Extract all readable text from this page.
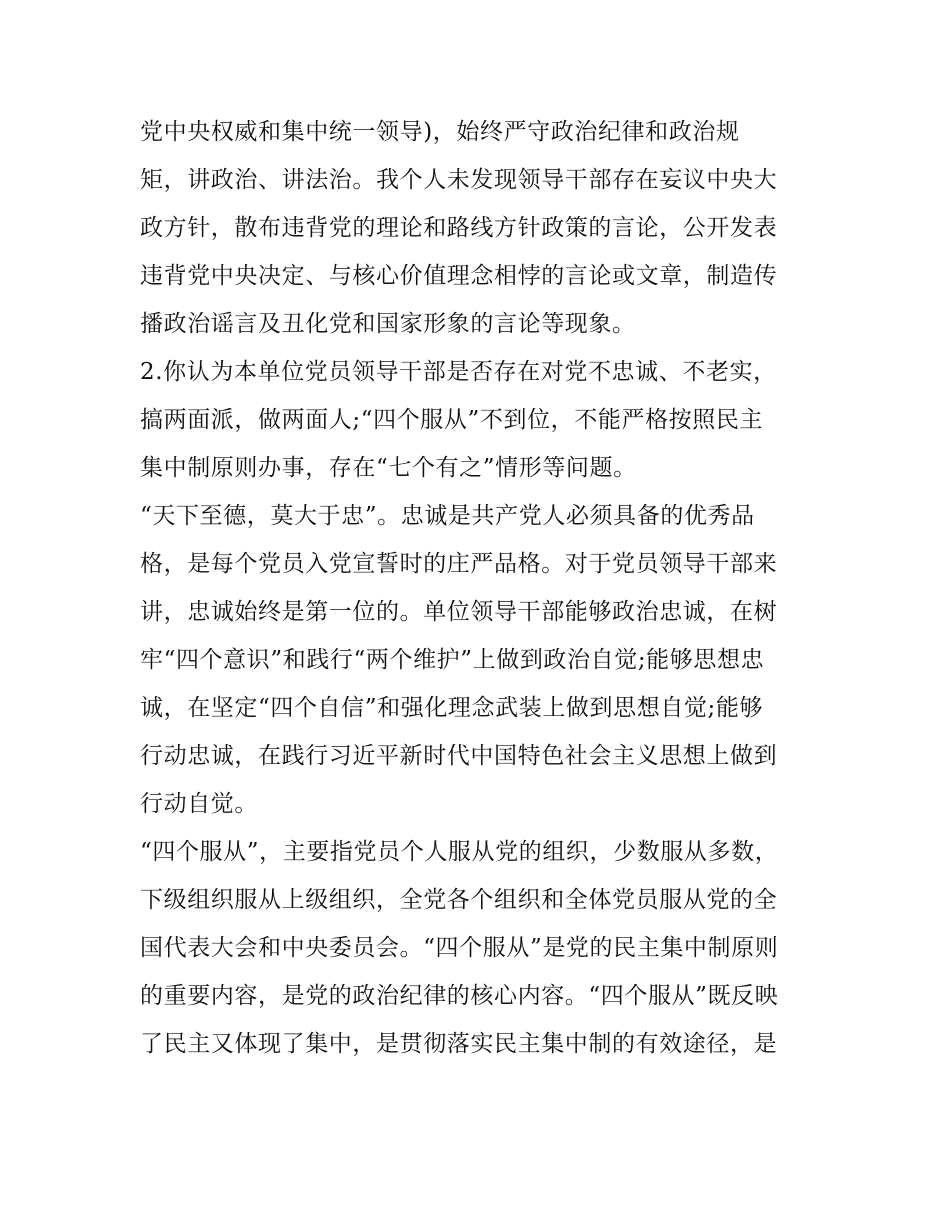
党中央权威和集中统一领导)，始终严守政治纪律和政治规
矩，讲政治、讲法治。我个人未发现领导干部存在妄议中央大
政方针，散布违背党的理论和路线方针政策的言论，公开发表
违背党中央决定、与核心价值理念相悖的言论或文章，制造传
播政治谣言及丑化党和国家形象的言论等现象。
2.你认为本单位党员领导干部是否存在对党不忠诚、不老实，
搞两面派，做两面人;“四个服从”不到位，不能严格按照民主
集中制原则办事，存在“七个有之”情形等问题。
“天下至德，莫大于忠”。忠诚是共产党人必须具备的优秀品
格，是每个党员入党宣誓时的庄严品格。对于党员领导干部来
讲，忠诚始终是第一位的。单位领导干部能够政治忠诚，在树
牢“四个意识”和践行“两个维护”上做到政治自觉;能够思想忠
诚，在坚定“四个自信”和强化理念武装上做到思想自觉;能够
行动忠诚，在践行习近平新时代中国特色社会主义思想上做到
行动自觉。
“四个服从”，主要指党员个人服从党的组织，少数服从多数，
下级组织服从上级组织，全党各个组织和全体党员服从党的全
国代表大会和中央委员会。“四个服从”是党的民主集中制原则
的重要内容，是党的政治纪律的核心内容。“四个服从”既反映
了民主又体现了集中，是贯彻落实民主集中制的有效途径，是
